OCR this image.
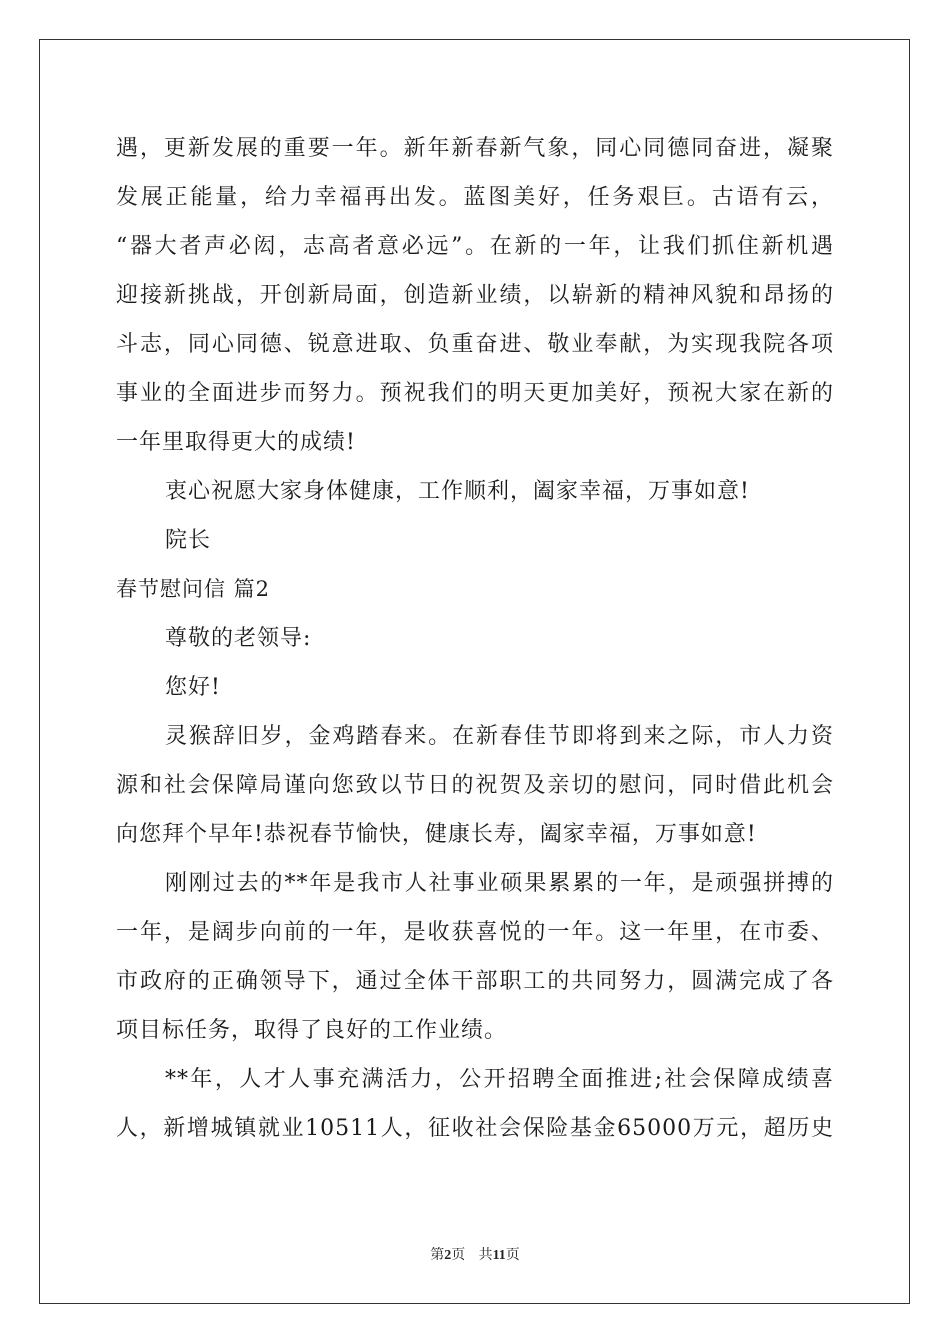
遇，更新发展的重要一年。新年新春新气象，同心同德同奋进，凝聚
发展正能量，给力幸福再出发。蓝图美好，任务艰巨。古语有云，
“器大者声必闳，志高者意必远”。在新的一年，让我们抓住新机遇
迎接新挑战，开创新局面，创造新业绩，以崭新的精神风貌和昂扬的
斗志，同心同德、锐意进取、负重奋进、敬业奉献，为实现我院各项
事业的全面进步而努力。预祝我们的明天更加美好，预祝大家在新的
一年里取得更大的成绩!
衷心祝愿大家身体健康，工作顺利，阖家幸福，万事如意!
院长
春节慰问信 篇2
尊敬的老领导:
您好!
灵猴辞旧岁，金鸡踏春来。在新春佳节即将到来之际，市人力资
源和社会保障局谨向您致以节日的祝贺及亲切的慰问，同时借此机会
向您拜个早年!恭祝春节愉快，健康长寿，阖家幸福，万事如意!
刚刚过去的**年是我市人社事业硕果累累的一年，是顽强拼搏的
一年，是阔步向前的一年，是收获喜悦的一年。这一年里，在市委、
市政府的正确领导下，通过全体干部职工的共同努力，圆满完成了各
项目标任务，取得了良好的工作业绩。
**年，人才人事充满活力，公开招聘全面推进;社会保障成绩喜
人，新增城镇就业10511人，征收社会保险基金65000万元，超历史
第2页 共11页
